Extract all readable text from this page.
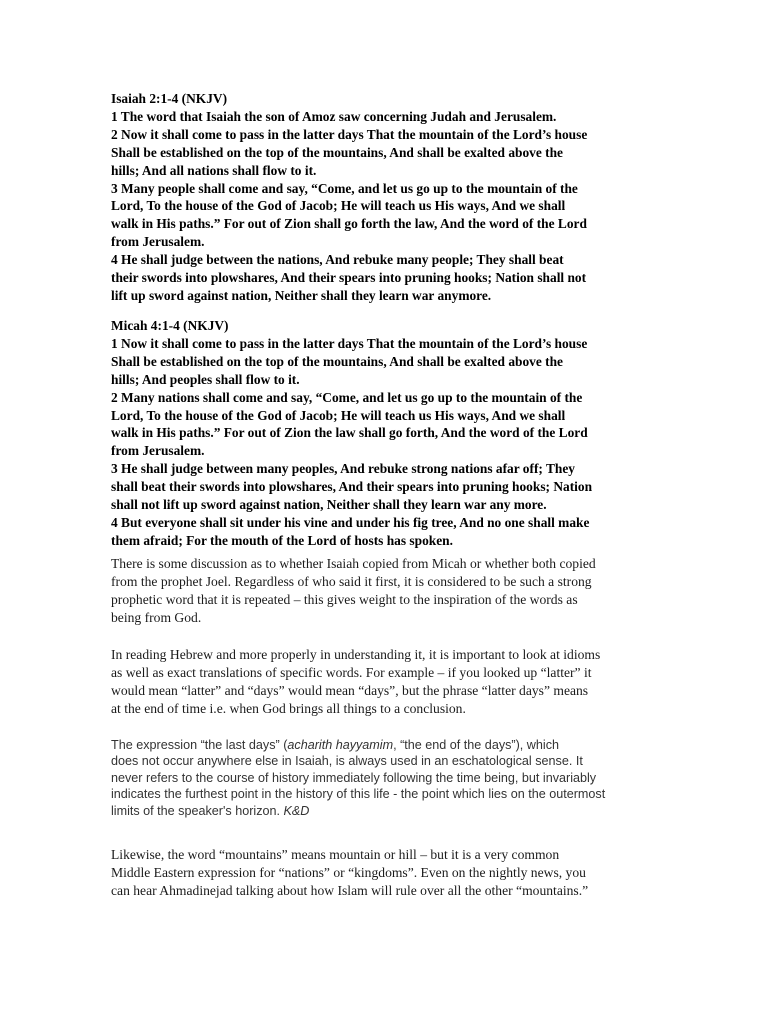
Isaiah 2:1-4 (NKJV)
1 The word that Isaiah the son of Amoz saw concerning Judah and Jerusalem.
2 Now it shall come to pass in the latter days That the mountain of the Lord’s house
Shall be established on the top of the mountains, And shall be exalted above the
hills; And all nations shall flow to it.
3 Many people shall come and say, “Come, and let us go up to the mountain of the
Lord, To the house of the God of Jacob; He will teach us His ways, And we shall
walk in His paths.” For out of Zion shall go forth the law, And the word of the Lord
from Jerusalem.
4 He shall judge between the nations, And rebuke many people; They shall beat
their swords into plowshares, And their spears into pruning hooks; Nation shall not
lift up sword against nation, Neither shall they learn war anymore.
Micah 4:1-4 (NKJV)
1 Now it shall come to pass in the latter days That the mountain of the Lord’s house
Shall be established on the top of the mountains, And shall be exalted above the
hills; And peoples shall flow to it.
2 Many nations shall come and say, “Come, and let us go up to the mountain of the
Lord, To the house of the God of Jacob; He will teach us His ways, And we shall
walk in His paths.” For out of Zion the law shall go forth, And the word of the Lord
from Jerusalem.
3 He shall judge between many peoples, And rebuke strong nations afar off; They
shall beat their swords into plowshares, And their spears into pruning hooks; Nation
shall not lift up sword against nation, Neither shall they learn war any more.
4 But everyone shall sit under his vine and under his fig tree, And no one shall make
them afraid; For the mouth of the Lord of hosts has spoken.
There is some discussion as to whether Isaiah copied from Micah or whether both copied
from the prophet Joel. Regardless of who said it first, it is considered to be such a strong
prophetic word that it is repeated – this gives weight to the inspiration of the words as
being from God.
In reading Hebrew and more properly in understanding it, it is important to look at idioms
as well as exact translations of specific words. For example – if you looked up “latter” it
would mean “latter” and “days” would mean “days”, but the phrase “latter days” means
at the end of time i.e. when God brings all things to a conclusion.
The expression “the last days” (acharith hayyamim, “the end of the days”), which
does not occur anywhere else in Isaiah, is always used in an eschatological sense. It
never refers to the course of history immediately following the time being, but invariably
indicates the furthest point in the history of this life - the point which lies on the outermost
limits of the speaker's horizon. K&D
Likewise, the word “mountains” means mountain or hill – but it is a very common
Middle Eastern expression for “nations” or “kingdoms”. Even on the nightly news, you
can hear Ahmadinejad talking about how Islam will rule over all the other “mountains.”
